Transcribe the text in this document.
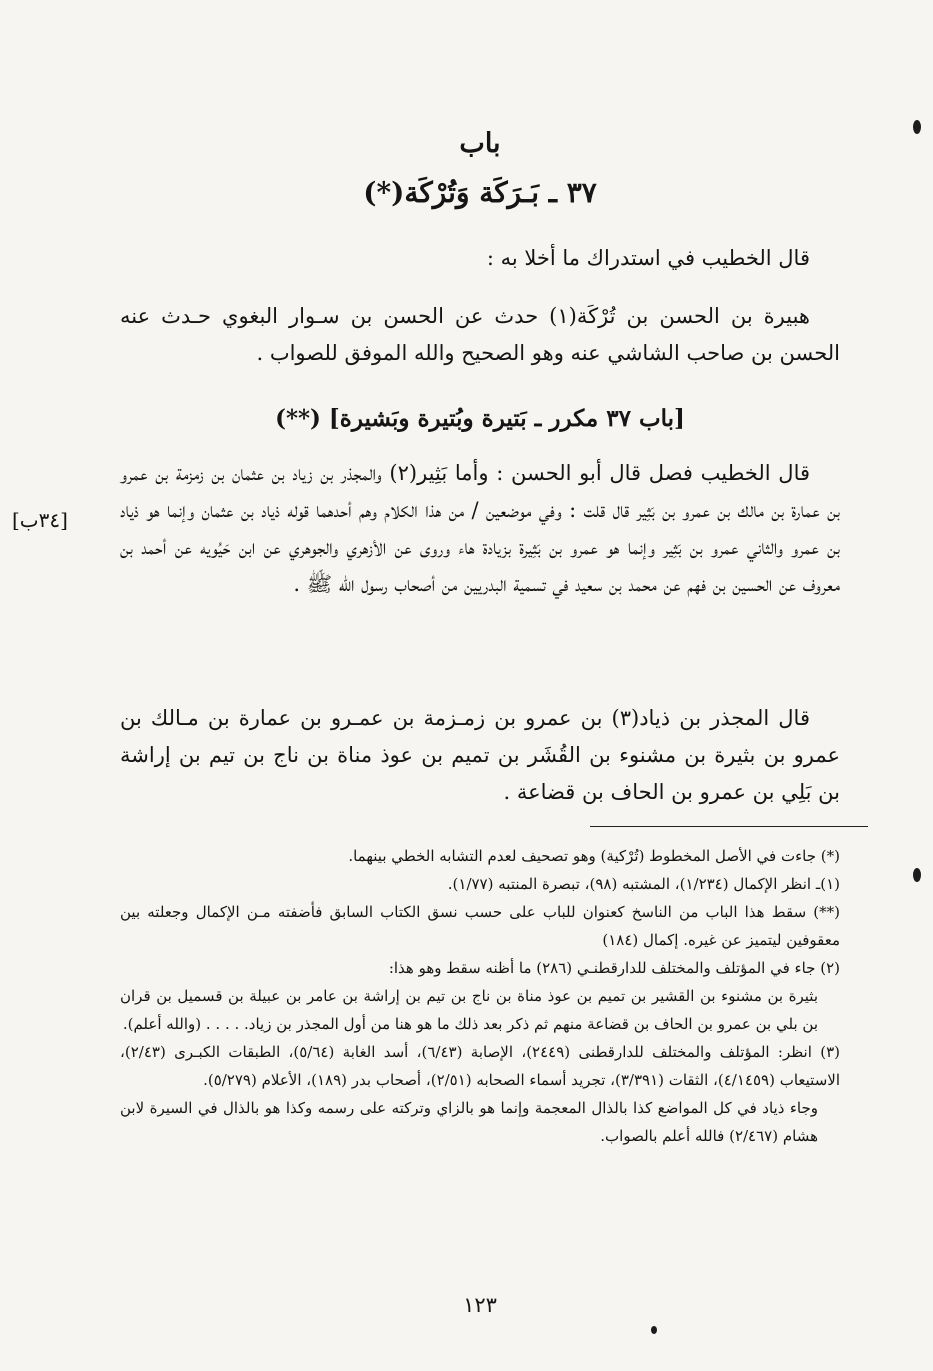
باب
٣٧ ـ بَـرَكَة وَتُرْكَة(*)

قال الخطيب في استدراك ما أخلا به :

هبيرة بن الحسن بن تُرْكَة(١) حدث عن الحسن بن سـوار البغوي حـدث عنه الحسن بن صاحب الشاشي عنه وهو الصحيح والله الموفق للصواب .

[باب ٣٧ مكرر ـ بَتيرة وبُتيرة وبَشيرة] (**)

قال الخطيب فصل قال أبو الحسن : وأما بَثِير(٢) والمجذر بن زياد بن عثمان بن زمزمة بن عمرو بن عمارة بن مالك بن عمرو بن بَثِير قال قلت : وفي موضعين / من هذا الكلام وهم أحدهما قوله ذياد بن عثمان وإنما هو ذياد بن عمرو والثاني عمرو بن بَثِير وإنما هو عمرو بن بَثِيرة بزيادة هاء وروى عن الأزهري والجوهري عن ابن حَيُويه عن أحمد بن معروف عن الحسين بن فهم عن محمد بن سعيد في تسمية البدريين من أصحاب رسول الله ﷺ .

قال المجذر بن ذياد(٣) بن عمرو بن زمـزمة بن عمـرو بن عمارة بن مـالك بن عمرو بن بثيرة بن مشنوء بن القُشَر بن تميم بن عوذ مناة بن ناج بن تيم بن إراشة بن بَلِي بن عمرو بن الحاف بن قضاعة .

[٣٤ب]

(*) جاءت في الأصل المخطوط (تُرْكية) وهو تصحيف لعدم التشابه الخطي بينهما.

(١)ـ انظر الإكمال (١/٢٣٤)، المشتبه (٩٨)، تبصرة المنتبه (١/٧٧).

(**) سقط هذا الباب من الناسخ كعنوان للباب على حسب نسق الكتاب السابق فأضفته مـن الإكمال وجعلته بين معقوفين ليتميز عن غيره. إكمال (١٨٤)

(٢) جاء في المؤتلف والمختلف للدارقطنـي (٢٨٦) ما أظنه سقط وهو هذا:

بثيرة بن مشنوء بن القشير بن تميم بن عوذ مناة بن ناج بن تيم بن إراشة بن عامر بن عبيلة بن قسميل بن قران بن بلي بن عمرو بن الحاف بن قضاعة منهم ثم ذكر بعد ذلك ما هو هنا من أول المجذر بن زياد. . . . . (والله أعلم).

(٣) انظر: المؤتلف والمختلف للدارقطنى (٢٤٤٩)، الإصابة (٦/٤٣)، أسد الغابة (٥/٦٤)، الطبقات الكبـرى (٢/٤٣)، الاستيعاب (٤/١٤٥٩)، الثقات (٣/٣٩١)، تجريد أسماء الصحابه (٢/٥١)، أصحاب بدر (١٨٩)، الأعلام (٥/٢٧٩).

وجاء ذياد في كل المواضع كذا بالذال المعجمة وإنما هو بالزاي وتركته على رسمه وكذا هو بالذال في السيرة لابن هشام (٢/٤٦٧) فالله أعلم بالصواب.

١٢٣
